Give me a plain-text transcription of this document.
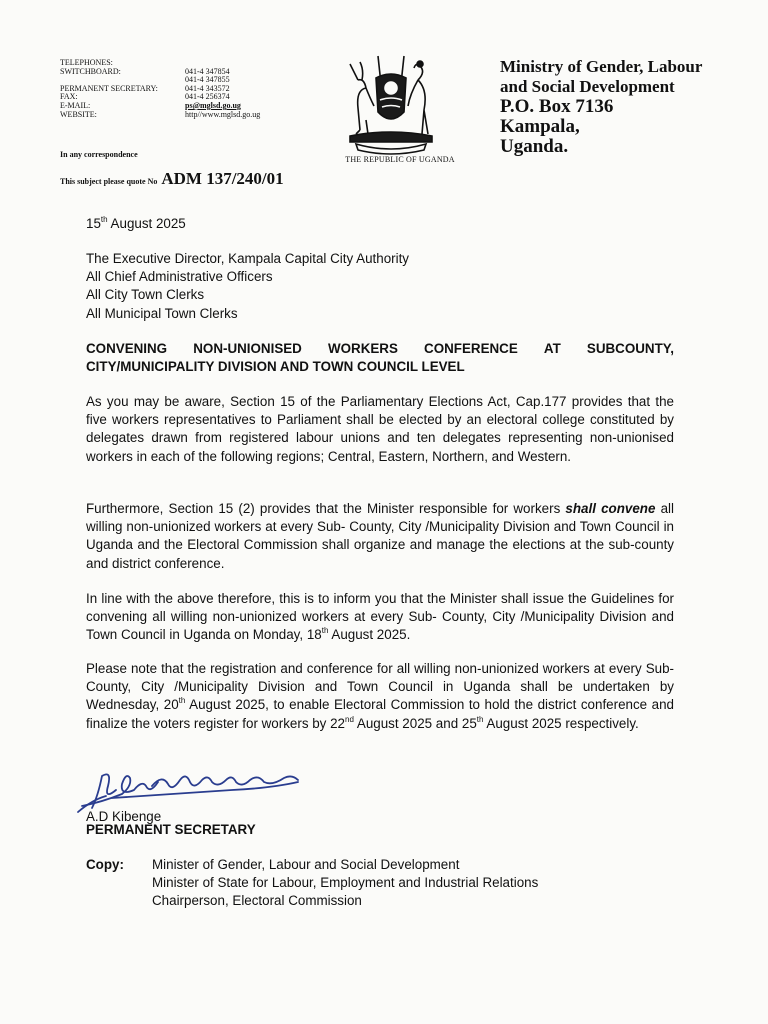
TELEPHONES:
SWITCHBOARD:	041-4 347854
041-4 347855
PERMANENT SECRETARY:	041-4 343572
FAX:	041-4 256374
E-MAIL:	ps@mglsd.go.ug
WEBSITE:	http//www.mglsd.go.ug
THE REPUBLIC OF UGANDA
Ministry of Gender, Labour
and Social Development
P.O. Box 7136
Kampala,
Uganda.
In any correspondence
This subject please quote No ADM 137/240/01
15th August 2025
The Executive Director, Kampala Capital City Authority
All Chief Administrative Officers
All City Town Clerks
All Municipal Town Clerks
CONVENING NON-UNIONISED WORKERS CONFERENCE AT SUBCOUNTY,
CITY/MUNICIPALITY DIVISION AND TOWN COUNCIL LEVEL
As you may be aware, Section 15 of the Parliamentary Elections Act, Cap.177 provides that the five workers representatives to Parliament shall be elected by an electoral college constituted by delegates drawn from registered labour unions and ten delegates representing non-unionised workers in each of the following regions; Central, Eastern, Northern, and Western.
Furthermore, Section 15 (2) provides that the Minister responsible for workers shall convene all willing non-unionized workers at every Sub- County, City /Municipality Division and Town Council in Uganda and the Electoral Commission shall organize and manage the elections at the sub-county and district conference.
In line with the above therefore, this is to inform you that the Minister shall issue the Guidelines for convening all willing non-unionized workers at every Sub- County, City /Municipality Division and Town Council in Uganda on Monday, 18th August 2025.
Please note that the registration and conference for all willing non-unionized workers at every Sub- County, City /Municipality Division and Town Council in Uganda shall be undertaken by Wednesday, 20th August 2025, to enable Electoral Commission to hold the district conference and finalize the voters register for workers by 22nd August 2025 and 25th August 2025 respectively.
A.D Kibenge
PERMANENT SECRETARY
Copy:	Minister of Gender, Labour and Social Development
Minister of State for Labour, Employment and Industrial Relations
Chairperson, Electoral Commission
